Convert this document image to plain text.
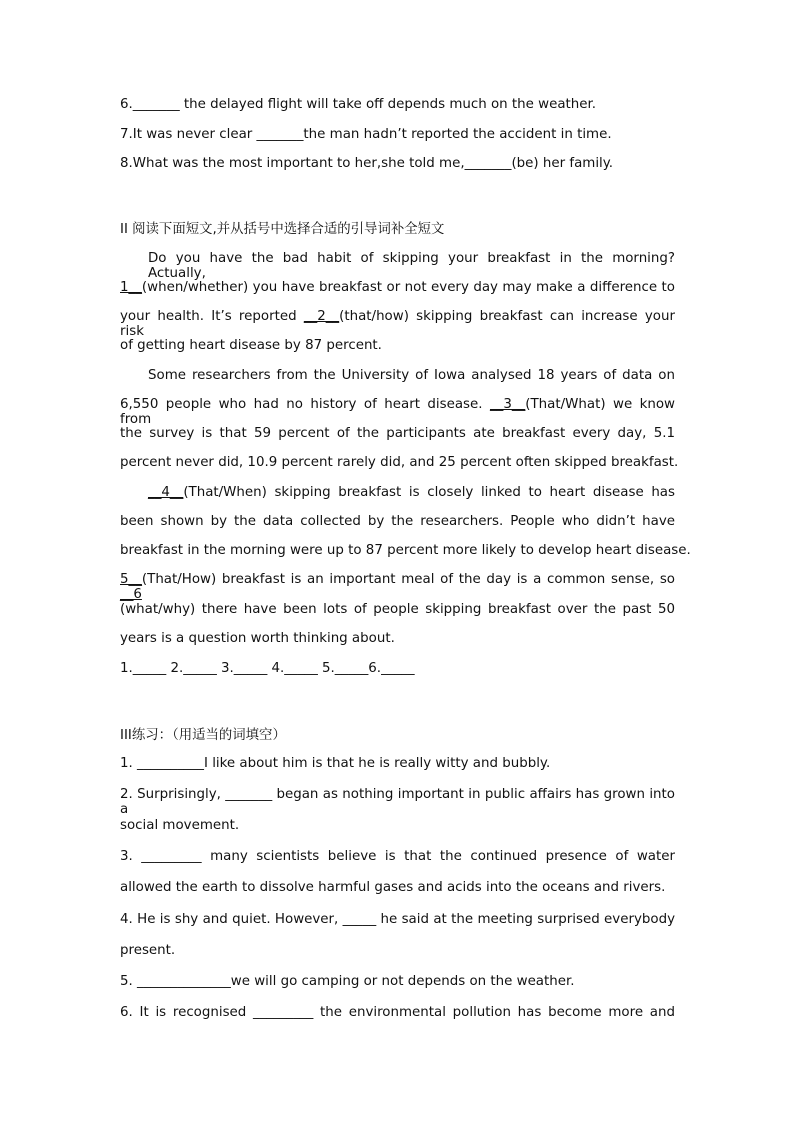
6._______ the delayed flight will take off depends much on the weather.
7.It was never clear _______the man hadn’t reported the accident in time.
8.What was the most important to her,she told me,_______(be) her family.
II 阅读下面短文,并从括号中选择合适的引导词补全短文
Do you have the bad habit of skipping your breakfast in the morning? Actually,
1__(when/whether) you have breakfast or not every day may make a difference to
your health. It’s reported __2__(that/how) skipping breakfast can increase your risk
of getting heart disease by 87 percent.
Some researchers from the University of Iowa analysed 18 years of data on
6,550 people who had no history of heart disease. __3__(That/What) we know from
the survey is that 59 percent of the participants ate breakfast every day, 5.1
percent never did, 10.9 percent rarely did, and 25 percent often skipped breakfast.
__4__(That/When) skipping breakfast is closely linked to heart disease has
been shown by the data collected by the researchers. People who didn’t have
breakfast in the morning were up to 87 percent more likely to develop heart disease.
5__(That/How) breakfast is an important meal of the day is a common sense, so __6
(what/why) there have been lots of people skipping breakfast over the past 50
years is a question worth thinking about.
1._____ 2._____ 3._____ 4._____ 5._____6._____
III练习：（用适当的词填空）
1. __________I like about him is that he is really witty and bubbly.
2. Surprisingly, _______ began as nothing important in public affairs has grown into a
social movement.
3. _________ many scientists believe is that the continued presence of water
allowed the earth to dissolve harmful gases and acids into the oceans and rivers.
4. He is shy and quiet. However, _____ he said at the meeting surprised everybody
present.
5. ______________we will go camping or not depends on the weather.
6. It is recognised _________ the environmental pollution has become more and
